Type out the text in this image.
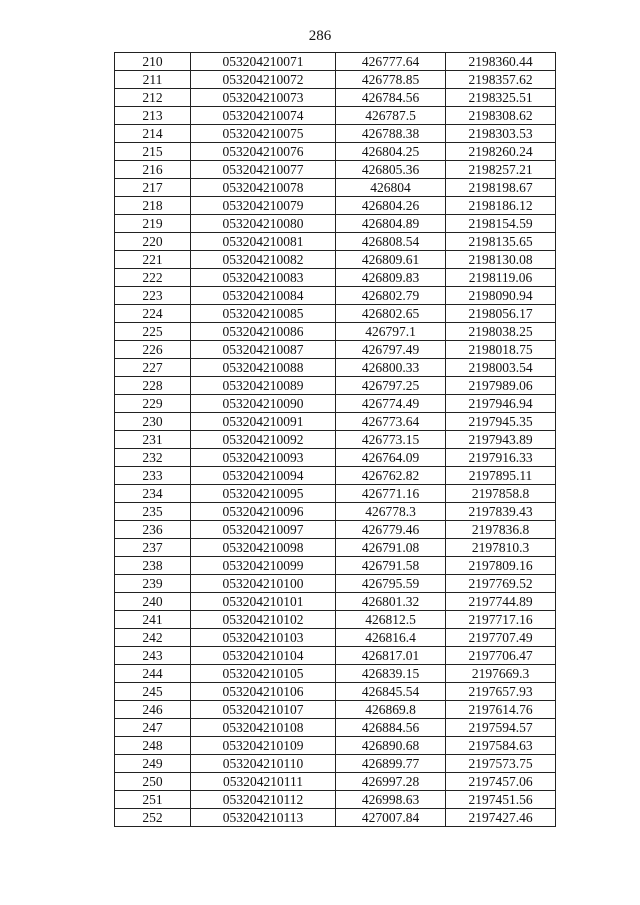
286
210	053204210071	426777.64	2198360.44
211	053204210072	426778.85	2198357.62
212	053204210073	426784.56	2198325.51
213	053204210074	426787.5	2198308.62
214	053204210075	426788.38	2198303.53
215	053204210076	426804.25	2198260.24
216	053204210077	426805.36	2198257.21
217	053204210078	426804	2198198.67
218	053204210079	426804.26	2198186.12
219	053204210080	426804.89	2198154.59
220	053204210081	426808.54	2198135.65
221	053204210082	426809.61	2198130.08
222	053204210083	426809.83	2198119.06
223	053204210084	426802.79	2198090.94
224	053204210085	426802.65	2198056.17
225	053204210086	426797.1	2198038.25
226	053204210087	426797.49	2198018.75
227	053204210088	426800.33	2198003.54
228	053204210089	426797.25	2197989.06
229	053204210090	426774.49	2197946.94
230	053204210091	426773.64	2197945.35
231	053204210092	426773.15	2197943.89
232	053204210093	426764.09	2197916.33
233	053204210094	426762.82	2197895.11
234	053204210095	426771.16	2197858.8
235	053204210096	426778.3	2197839.43
236	053204210097	426779.46	2197836.8
237	053204210098	426791.08	2197810.3
238	053204210099	426791.58	2197809.16
239	053204210100	426795.59	2197769.52
240	053204210101	426801.32	2197744.89
241	053204210102	426812.5	2197717.16
242	053204210103	426816.4	2197707.49
243	053204210104	426817.01	2197706.47
244	053204210105	426839.15	2197669.3
245	053204210106	426845.54	2197657.93
246	053204210107	426869.8	2197614.76
247	053204210108	426884.56	2197594.57
248	053204210109	426890.68	2197584.63
249	053204210110	426899.77	2197573.75
250	053204210111	426997.28	2197457.06
251	053204210112	426998.63	2197451.56
252	053204210113	427007.84	2197427.46
